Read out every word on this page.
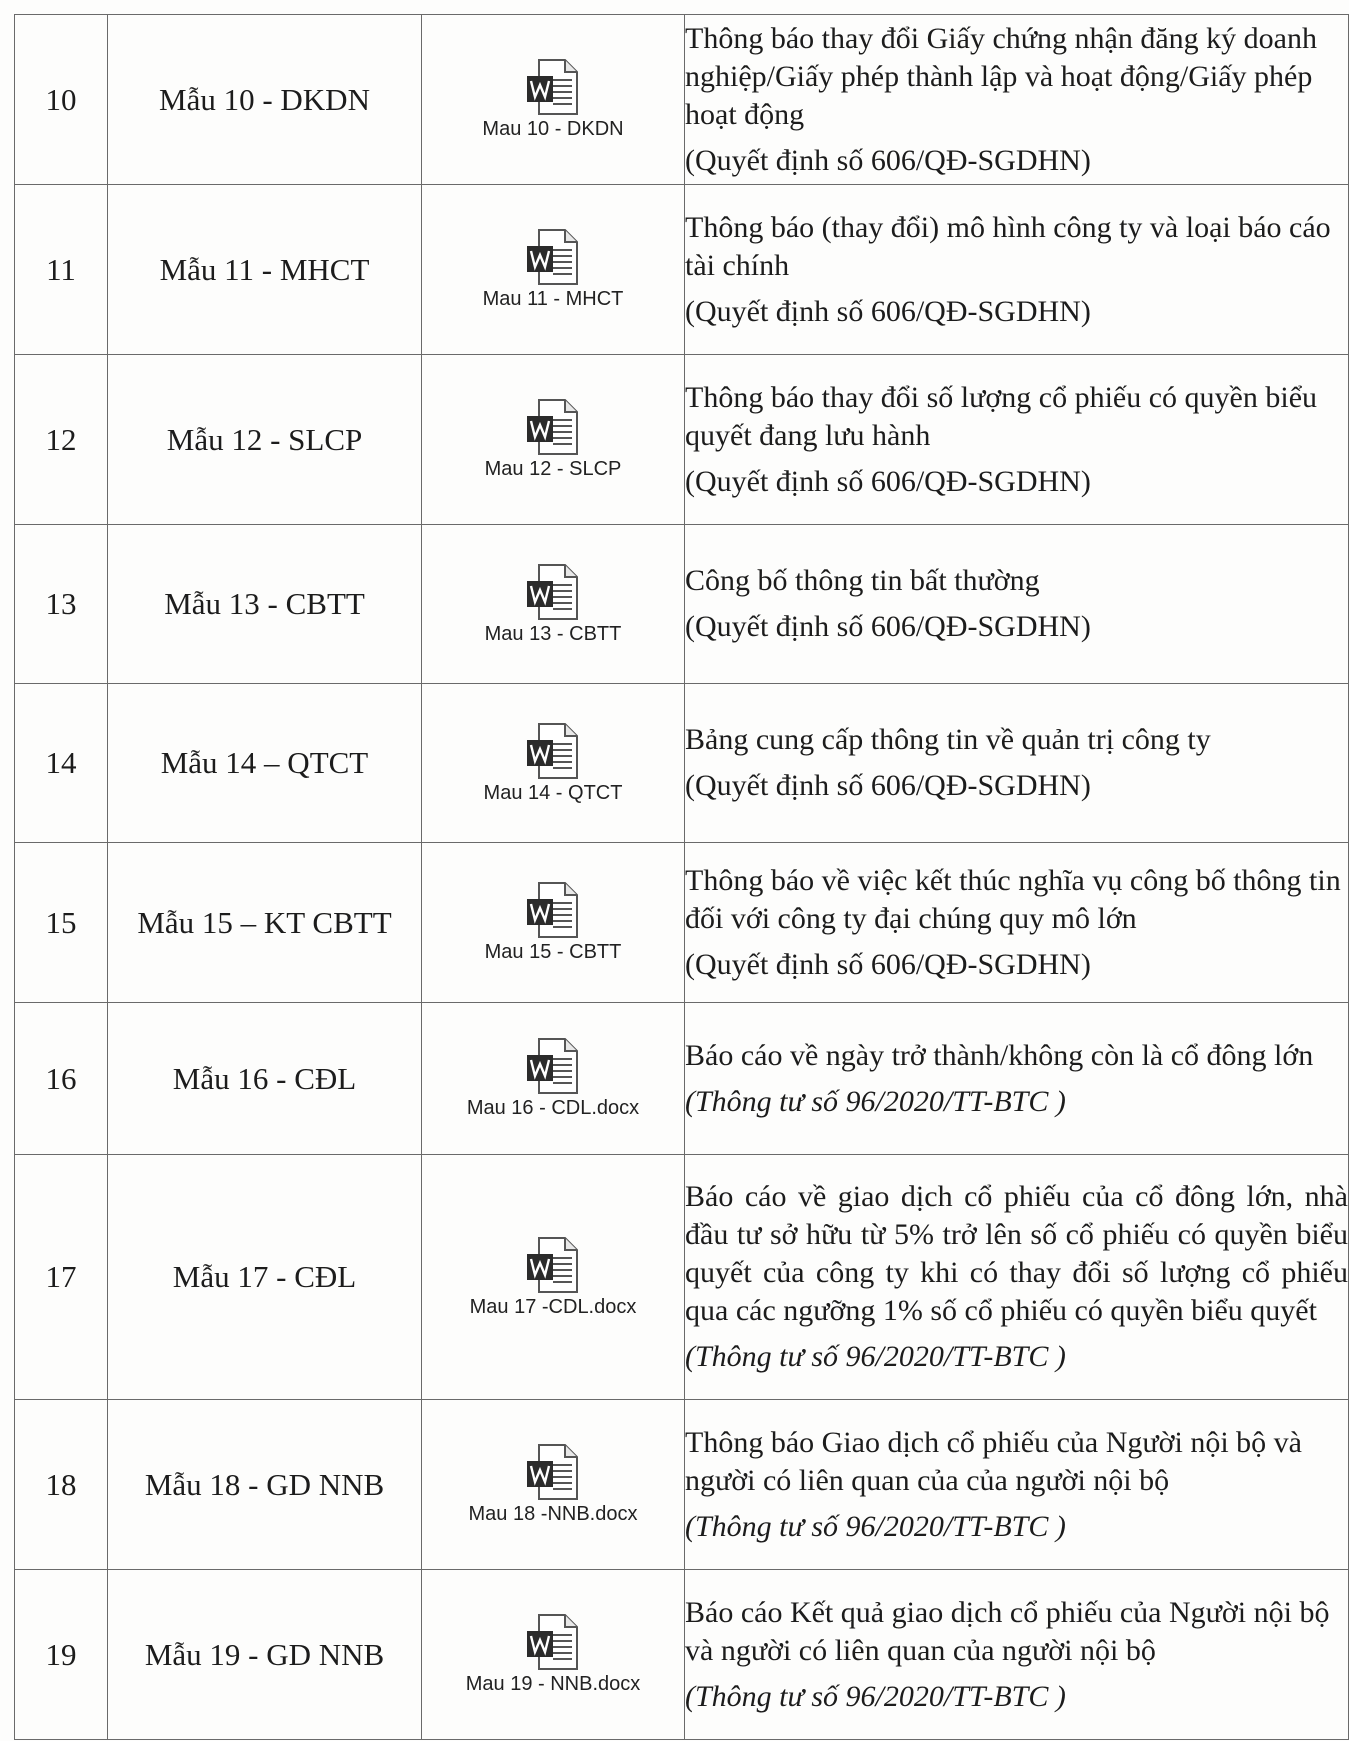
10	Mẫu 10 - DKDN	Mau 10 - DKDN	Thông báo thay đổi Giấy chứng nhận đăng ký doanh nghiệp/Giấy phép thành lập và hoạt động/Giấy phép hoạt động
(Quyết định số 606/QĐ-SGDHN)

11	Mẫu 11 - MHCT	Mau 11 - MHCT	Thông báo (thay đổi) mô hình công ty và loại báo cáo tài chính
(Quyết định số 606/QĐ-SGDHN)

12	Mẫu 12 - SLCP	Mau 12 - SLCP	Thông báo thay đổi số lượng cổ phiếu có quyền biểu quyết đang lưu hành
(Quyết định số 606/QĐ-SGDHN)

13	Mẫu 13 - CBTT	Mau 13 - CBTT	Công bố thông tin bất thường
(Quyết định số 606/QĐ-SGDHN)

14	Mẫu 14 – QTCT	Mau 14 - QTCT	Bảng cung cấp thông tin về quản trị công ty
(Quyết định số 606/QĐ-SGDHN)

15	Mẫu 15 – KT CBTT	Mau 15 - CBTT	Thông báo về việc kết thúc nghĩa vụ công bố thông tin đối với công ty đại chúng quy mô lớn
(Quyết định số 606/QĐ-SGDHN)

16	Mẫu 16 - CĐL	Mau 16 - CDL.docx	Báo cáo về ngày trở thành/không còn là cổ đông lớn
(Thông tư số 96/2020/TT-BTC )

17	Mẫu 17 - CĐL	Mau 17 -CDL.docx	Báo cáo về giao dịch cổ phiếu của cổ đông lớn, nhà đầu tư sở hữu từ 5% trở lên số cổ phiếu có quyền biểu quyết của công ty khi có thay đổi số lượng cổ phiếu qua các ngưỡng 1% số cổ phiếu có quyền biểu quyết
(Thông tư số 96/2020/TT-BTC )

18	Mẫu 18 - GD NNB	Mau 18 -NNB.docx	Thông báo Giao dịch cổ phiếu của Người nội bộ và người có liên quan của của người nội bộ
(Thông tư số 96/2020/TT-BTC )

19	Mẫu 19 - GD NNB	Mau 19 - NNB.docx	Báo cáo Kết quả giao dịch cổ phiếu của Người nội bộ và người có liên quan của người nội bộ
(Thông tư số 96/2020/TT-BTC )
